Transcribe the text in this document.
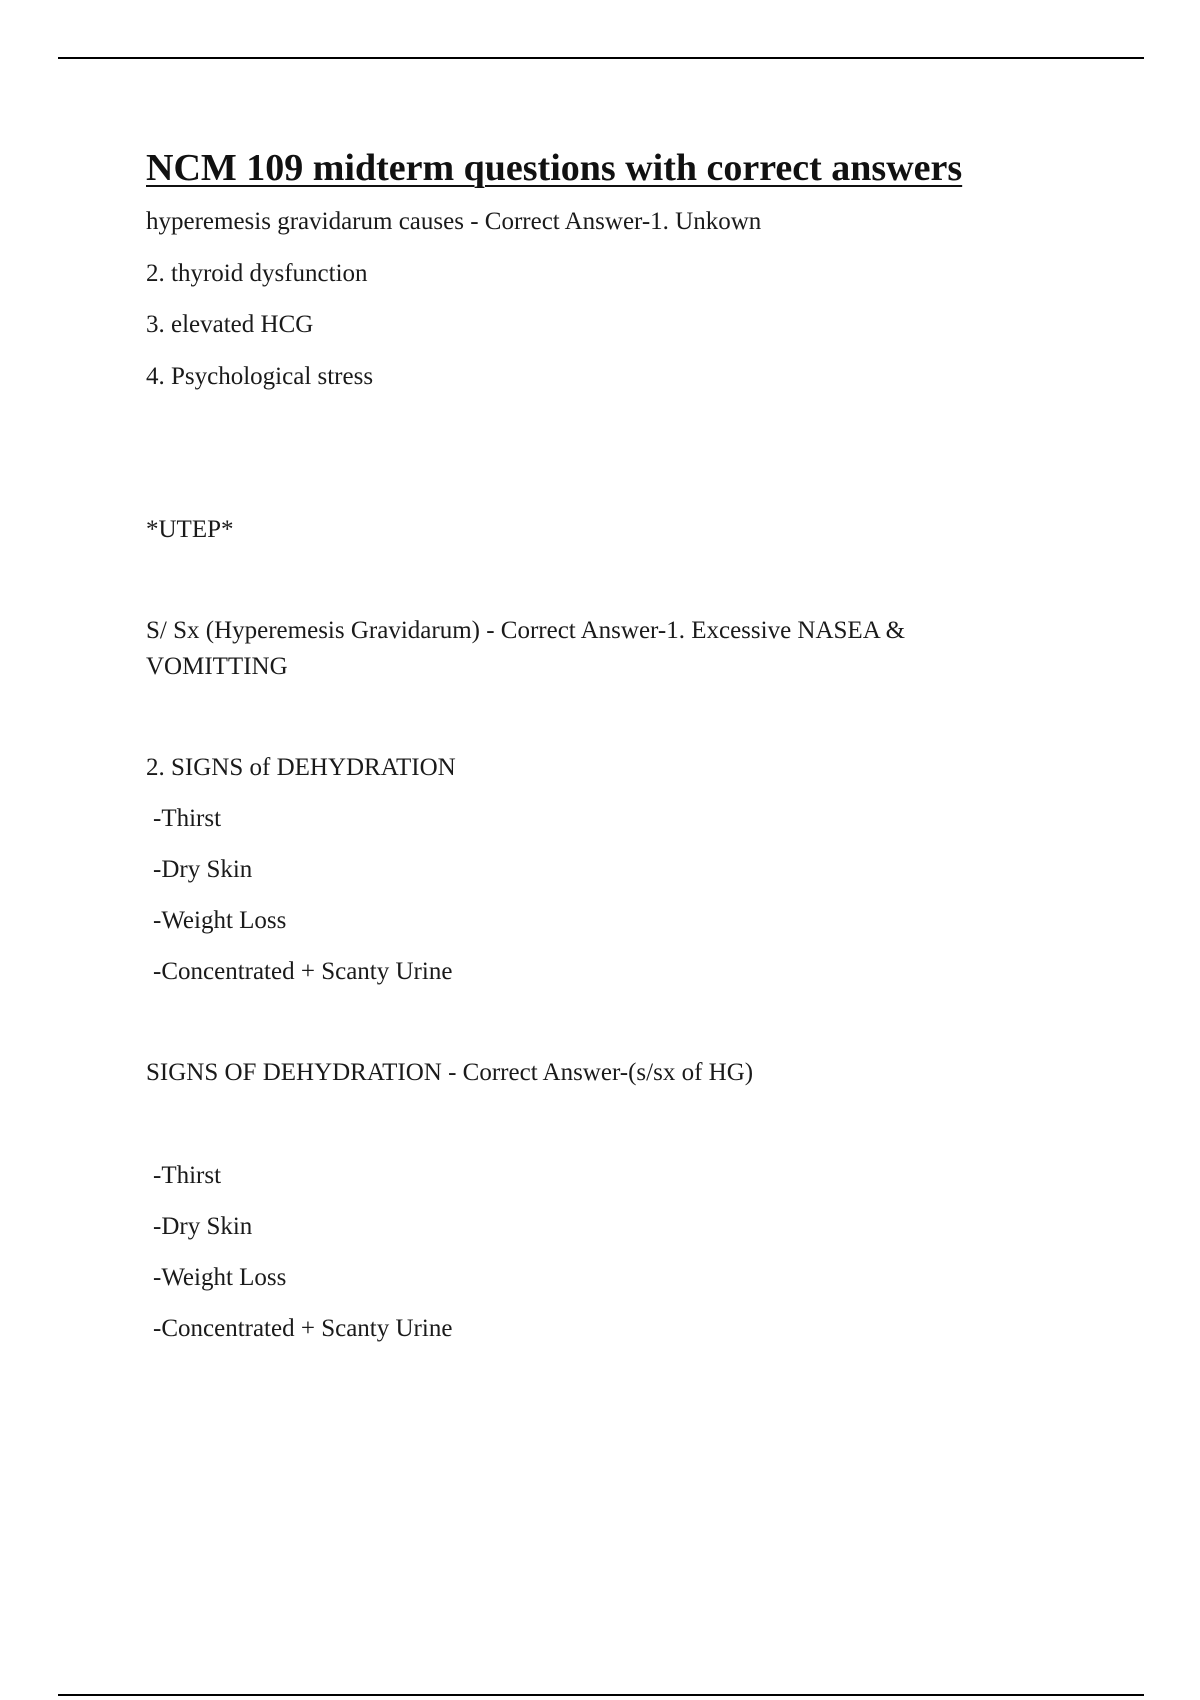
NCM 109 midterm questions with correct answers
hyperemesis gravidarum causes - Correct Answer-1. Unkown
2. thyroid dysfunction
3. elevated HCG
4. Psychological stress
*UTEP*
S/ Sx (Hyperemesis Gravidarum) - Correct Answer-1. Excessive NASEA &
VOMITTING
2. SIGNS of DEHYDRATION
-Thirst
-Dry Skin
-Weight Loss
-Concentrated + Scanty Urine
SIGNS OF DEHYDRATION - Correct Answer-(s/sx of HG)
-Thirst
-Dry Skin
-Weight Loss
-Concentrated + Scanty Urine
